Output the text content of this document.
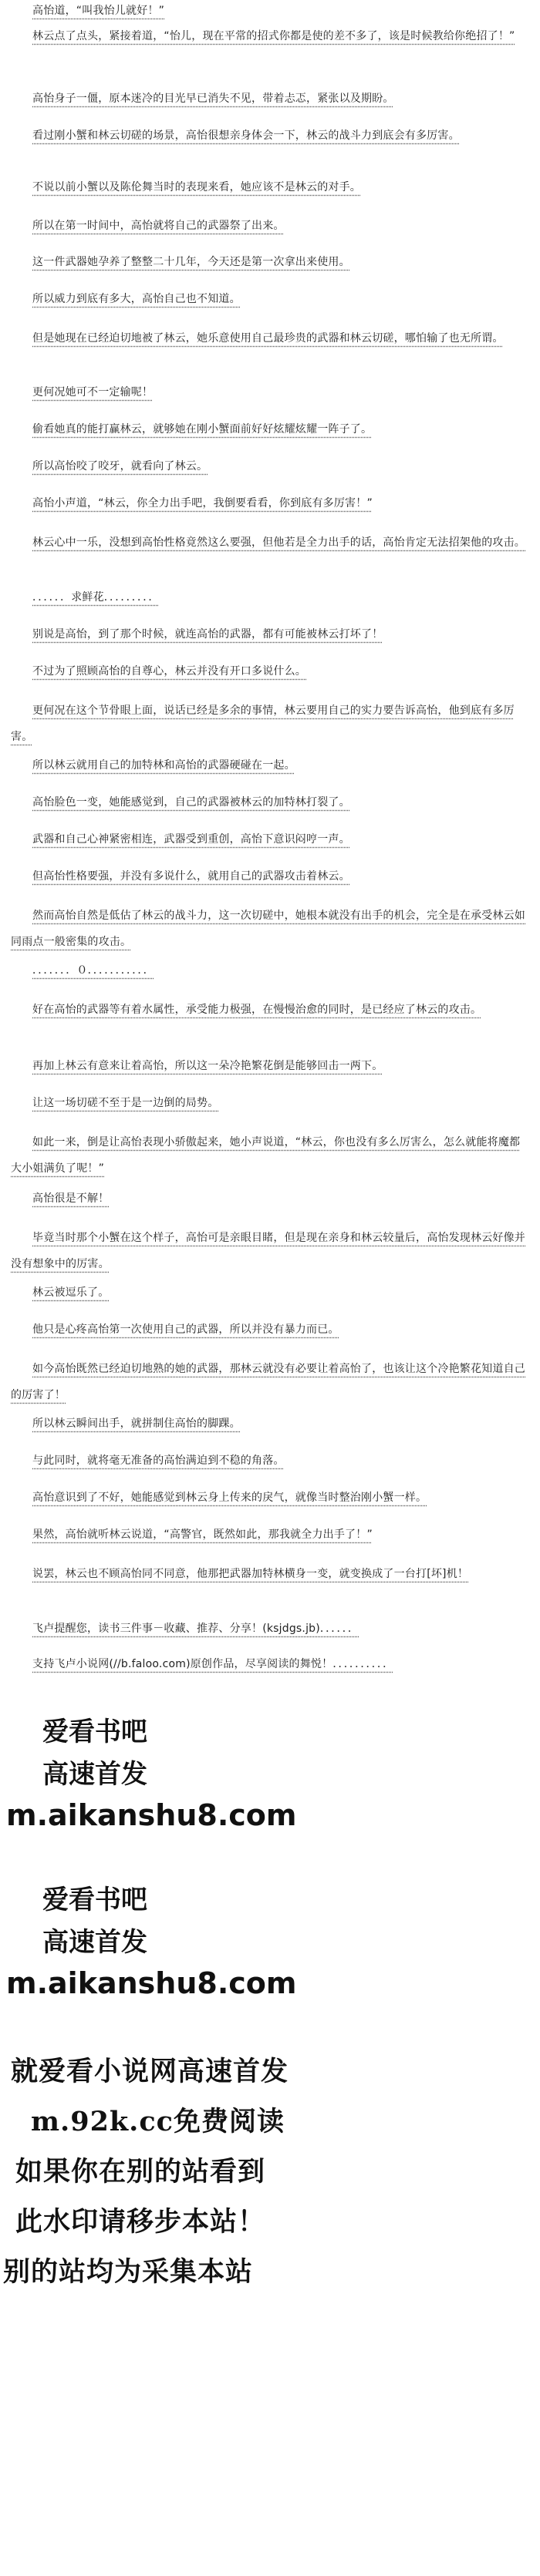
高怡道，“叫我怡儿就好！”

林云点了点头，紧接着道，“怡儿，现在平常的招式你都是使的差不多了，该是时候教给你绝招了！”

高怡身子一僵，原本迷冷的目光早已消失不见，带着忐忑，紧张以及期盼。

看过刚小蟹和林云切磋的场景，高怡很想亲身体会一下，林云的战斗力到底会有多厉害。

不说以前小蟹以及陈伦舞当时的表现来看，她应该不是林云的对手。

所以在第一时间中，高怡就将自己的武器祭了出来。

这一件武器她孕养了整整二十几年，今天还是第一次拿出来使用。

所以威力到底有多大，高怡自己也不知道。

但是她现在已经迫切地被了林云，她乐意使用自己最珍贵的武器和林云切磋，哪怕输了也无所谓。

更何况她可不一定输呢！

偷看她真的能打赢林云，就够她在刚小蟹面前好好炫耀炫耀一阵子了。

所以高怡咬了咬牙，就看向了林云。

高怡小声道，“林云，你全力出手吧，我倒要看看，你到底有多厉害！”

林云心中一乐，没想到高怡性格竟然这么要强，但他若是全力出手的话，高怡肯定无法招架他的攻击。

．．．．．．求鲜花．．．．．．．．．

别说是高怡，到了那个时候，就连高怡的武器，都有可能被林云打坏了！

不过为了照顾高怡的自尊心，林云并没有开口多说什么。

更何况在这个节骨眼上面，说话已经是多余的事情，林云要用自己的实力要告诉高怡，他到底有多厉害。

所以林云就用自己的加特林和高怡的武器硬碰在一起。

高怡脸色一变，她能感觉到，自己的武器被林云的加特林打裂了。

武器和自己心神紧密相连，武器受到重创，高怡下意识闷哼一声。

但高怡性格要强，并没有多说什么，就用自己的武器攻击着林云。

然而高怡自然是低估了林云的战斗力，这一次切磋中，她根本就没有出手的机会，完全是在承受林云如同雨点一般密集的攻击。

．．．．．．．０．．．．．．．．．．．

好在高怡的武器等有着水属性，承受能力极强，在慢慢治愈的同时，是已经应了林云的攻击。

再加上林云有意来让着高怡，所以这一朵冷艳繁花倒是能够回击一两下。

让这一场切磋不至于是一边倒的局势。

如此一来，倒是让高怡表现小骄傲起来，她小声说道，“林云，你也没有多么厉害么，怎么就能将魔都大小姐满负了呢！”

高怡很是不解！

毕竟当时那个小蟹在这个样子，高怡可是亲眼目睹，但是现在亲身和林云较量后，高怡发现林云好像并没有想象中的厉害。

林云被逗乐了。

他只是心疼高怡第一次使用自己的武器，所以并没有暴力而已。

如今高怡既然已经迫切地熟的她的武器，那林云就没有必要让着高怡了，也该让这个冷艳繁花知道自己的厉害了！

所以林云瞬间出手，就拼制住高怡的脚踝。

与此同时，就将毫无准备的高怡满迫到不稳的角落。

高怡意识到了不好，她能感觉到林云身上传来的戾气，就像当时整治刚小蟹一样。

果然，高怡就听林云说道，“高警官，既然如此，那我就全力出手了！”

说罢，林云也不顾高怡同不同意，他那把武器加特林横身一变，就变换成了一台打[坏]机！

飞卢提醒您，读书三件事－收藏、推荐、分享！(ksjdgs.jb)．．．．．．

支持飞卢小说网(//b.faloo.com)原创作品，尽享阅读的舞悦！．．．．．．．．．．

爱看书吧
高速首发
m.aikanshu8.com
爱看书吧
高速首发
m.aikanshu8.com
就爱看小说网高速首发
m.92k.cc免费阅读
如果你在别的站看到
此水印请移步本站！
别的站均为采集本站
